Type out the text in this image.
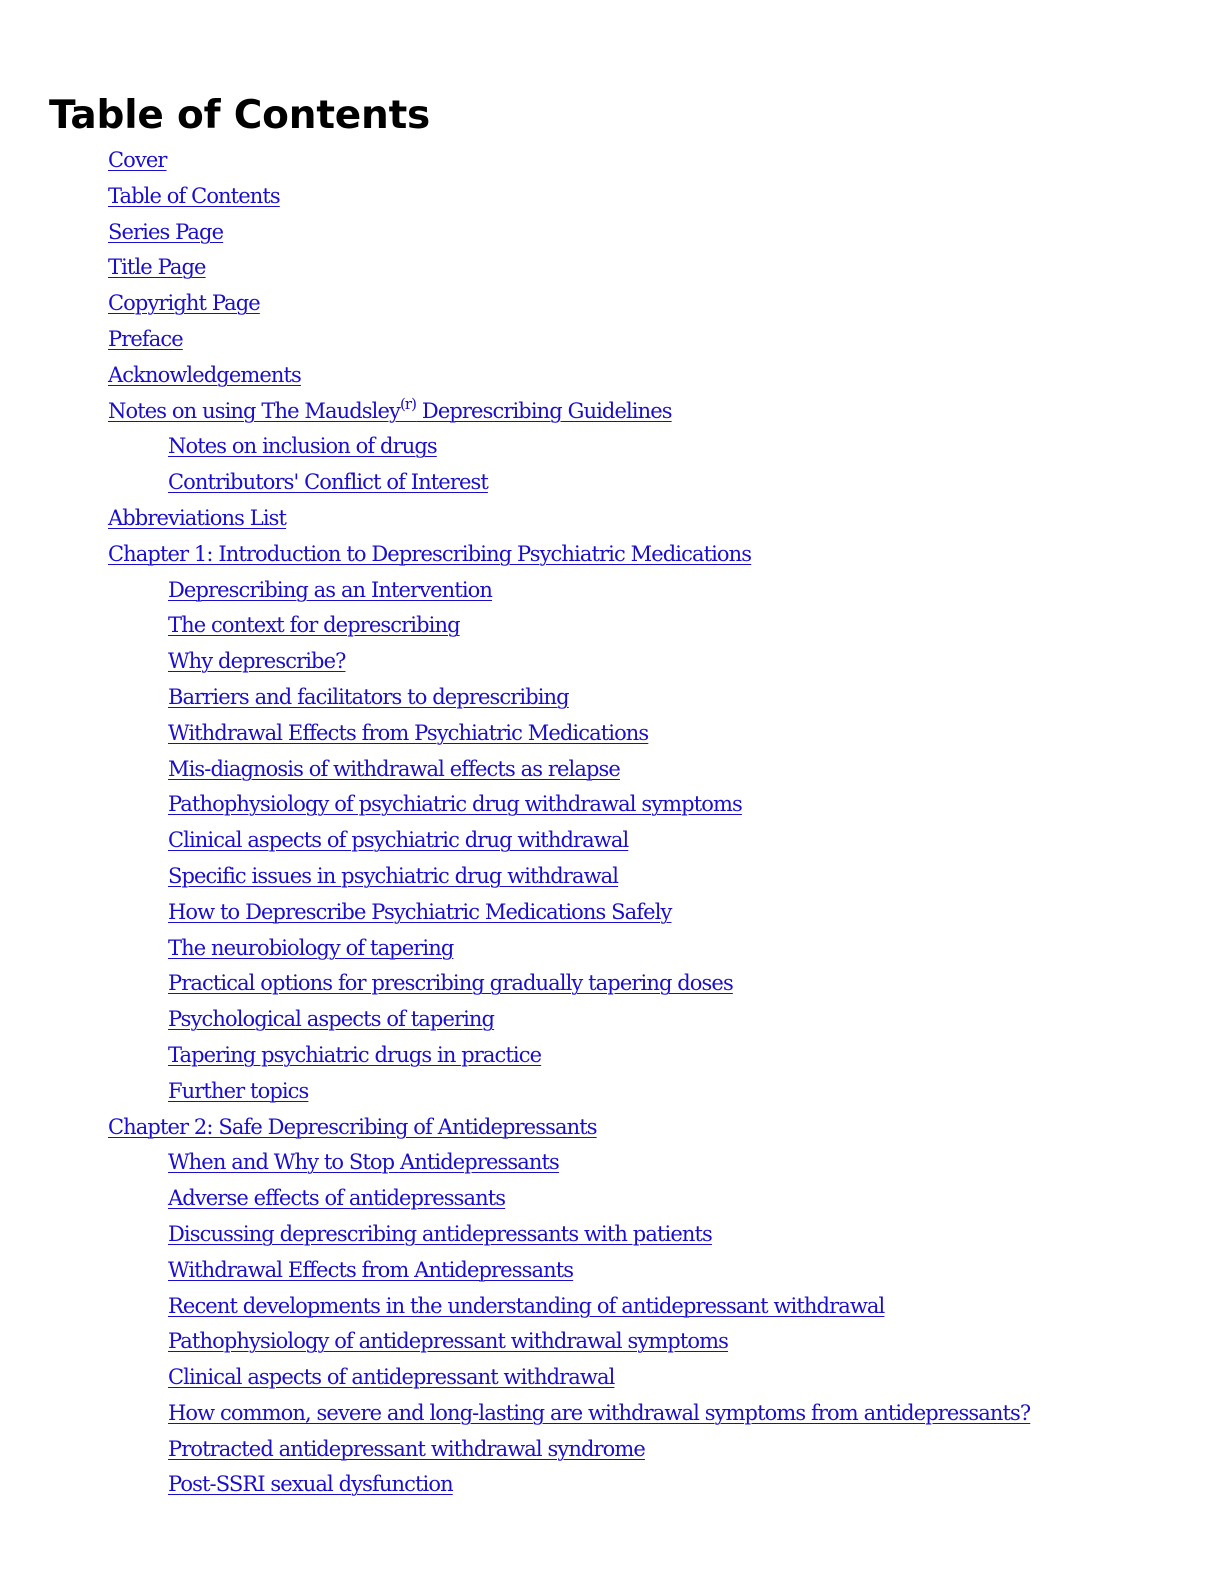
Table of Contents
Cover
Table of Contents
Series Page
Title Page
Copyright Page
Preface
Acknowledgements
Notes on using The Maudsley$^{(r)}$ Deprescribing Guidelines
Notes on inclusion of drugs
Contributors' Conflict of Interest
Abbreviations List
Chapter 1: Introduction to Deprescribing Psychiatric Medications
Deprescribing as an Intervention
The context for deprescribing
Why deprescribe?
Barriers and facilitators to deprescribing
Withdrawal Effects from Psychiatric Medications
Mis-diagnosis of withdrawal effects as relapse
Pathophysiology of psychiatric drug withdrawal symptoms
Clinical aspects of psychiatric drug withdrawal
Specific issues in psychiatric drug withdrawal
How to Deprescribe Psychiatric Medications Safely
The neurobiology of tapering
Practical options for prescribing gradually tapering doses
Psychological aspects of tapering
Tapering psychiatric drugs in practice
Further topics
Chapter 2: Safe Deprescribing of Antidepressants
When and Why to Stop Antidepressants
Adverse effects of antidepressants
Discussing deprescribing antidepressants with patients
Withdrawal Effects from Antidepressants
Recent developments in the understanding of antidepressant withdrawal
Pathophysiology of antidepressant withdrawal symptoms
Clinical aspects of antidepressant withdrawal
How common, severe and long-lasting are withdrawal symptoms from antidepressants?
Protracted antidepressant withdrawal syndrome
Post-SSRI sexual dysfunction
